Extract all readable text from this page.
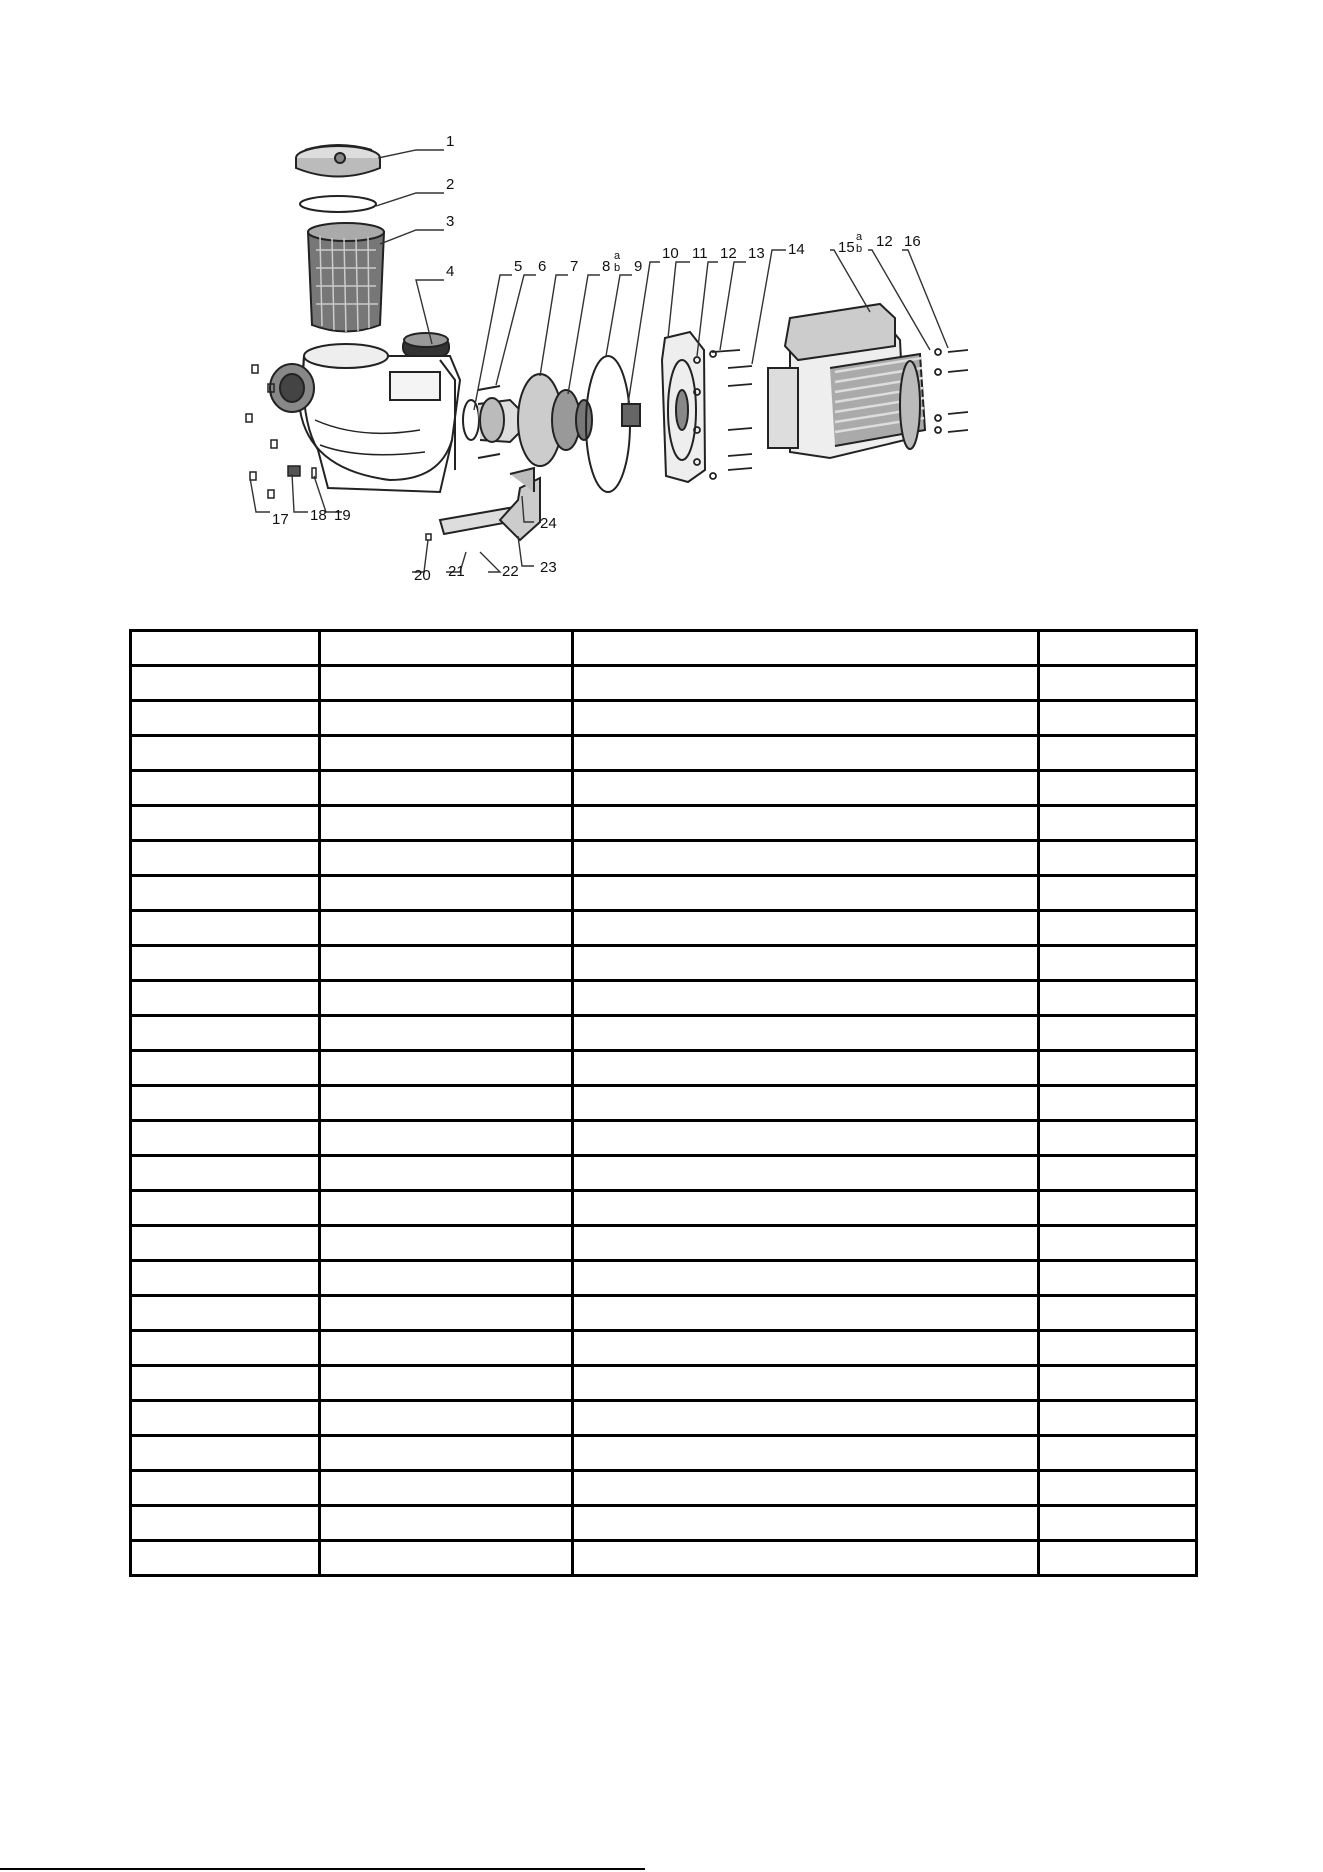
1
2
3
4	5 6 7 8 9
10 11 12 13 14 15 12 16
17 18 19
20 21 22 23
24
a
b
a
b
